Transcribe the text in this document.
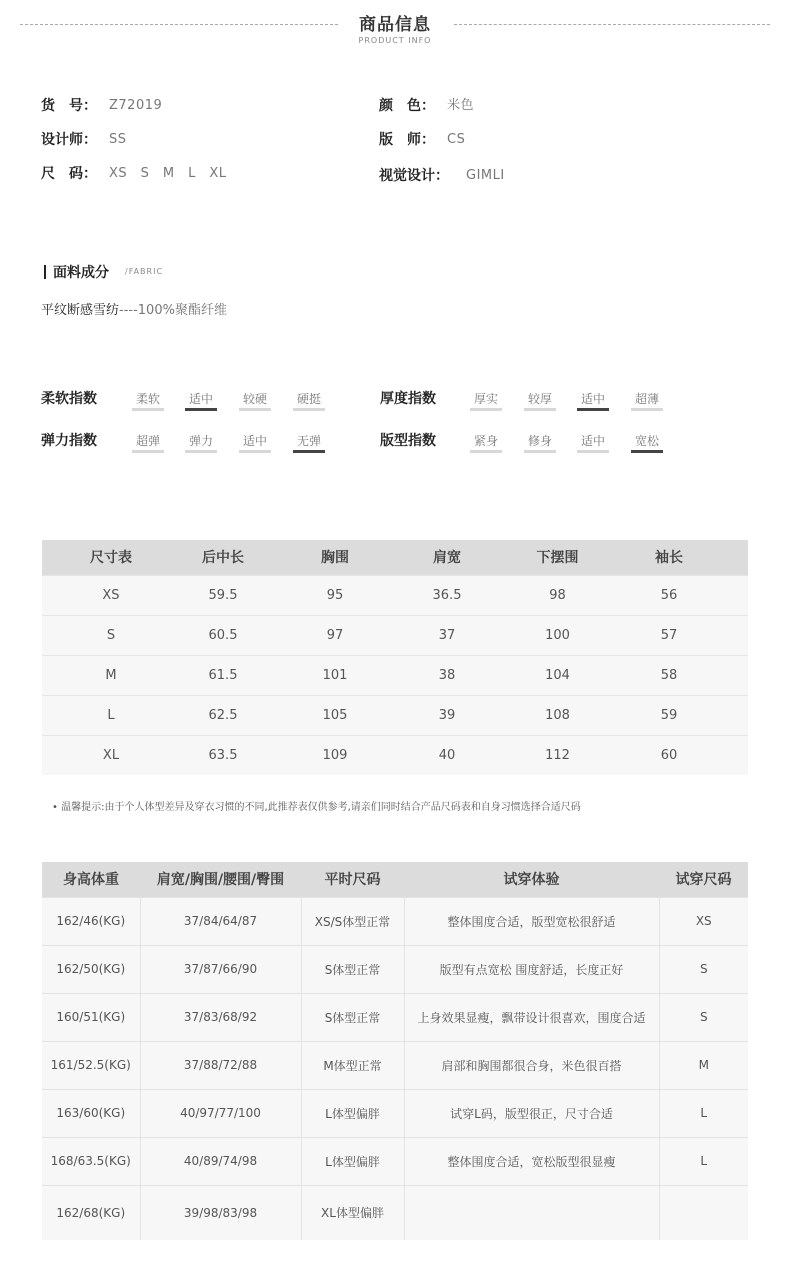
商品信息
PRODUCT INFO
货　号： Z72019	颜　色： 米色
设计师： SS	版　师： CS
尺　码： XS　S　M　L　XL	视觉设计： GIMLI
面料成分 /FABRIC
平纹断感雪纺----100%聚酯纤维
柔软指数	柔软	适中	较硬	硬挺	厚度指数	厚实	较厚	适中	超薄
弹力指数	超弹	弹力	适中	无弹	版型指数	紧身	修身	适中	宽松
尺寸表	后中长	胸围	肩宽	下摆围	袖长	
XS	59.5	95	36.5	98	56	
S	60.5	97	37	100	57	
M	61.5	101	38	104	58	
L	62.5	105	39	108	59	
XL	63.5	109	40	112	60	
• 温馨提示:由于个人体型差异及穿衣习惯的不同,此推荐表仅供参考,请亲们同时结合产品尺码表和自身习惯选择合适尺码
身高体重	肩宽/胸围/腰围/臀围	平时尺码	试穿体验	试穿尺码
162/46(KG)	37/84/64/87	XS/S体型正常	整体围度合适，版型宽松很舒适	XS
162/50(KG)	37/87/66/90	S体型正常	版型有点宽松 围度舒适，长度正好	S
160/51(KG)	37/83/68/92	S体型正常	上身效果显瘦，飘带设计很喜欢，围度合适	S
161/52.5(KG)	37/88/72/88	M体型正常	肩部和胸围都很合身，米色很百搭	M
163/60(KG)	40/97/77/100	L体型偏胖	试穿L码，版型很正，尺寸合适	L
168/63.5(KG)	40/89/74/98	L体型偏胖	整体围度合适，宽松版型很显瘦	L
162/68(KG)	39/98/83/98	XL体型偏胖		
